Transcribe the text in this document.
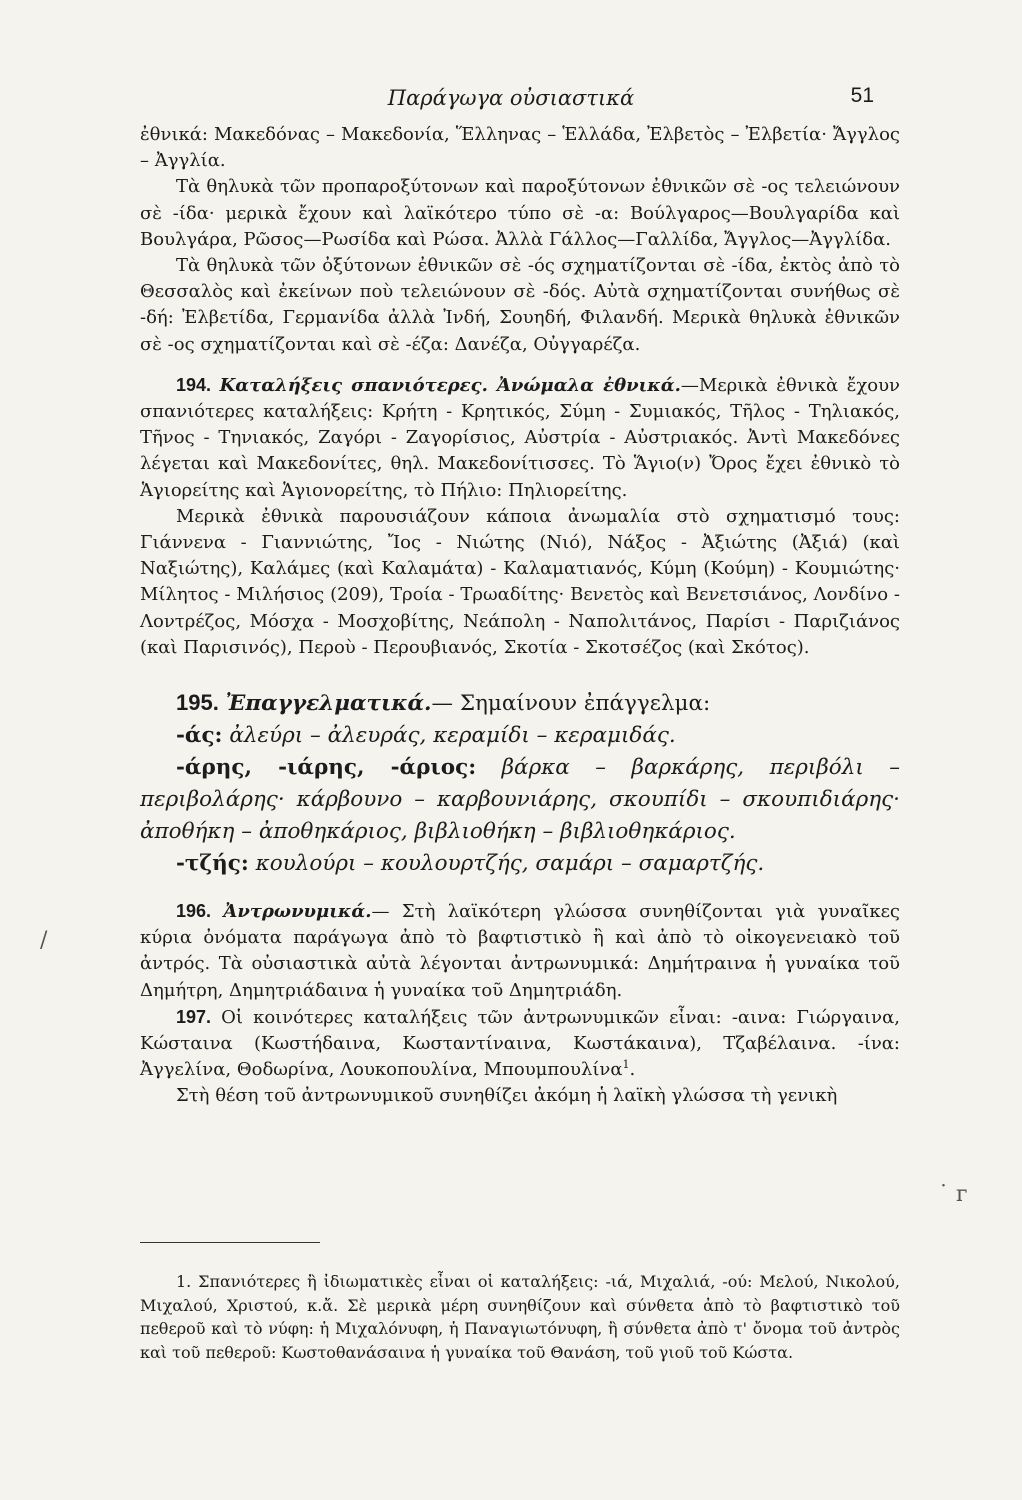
Παράγωγα οὐσιαστικά	51

ἐθνικά: Μακεδόνας – Μακεδονία, Ἕλληνας – Ἑλλάδα, Ἐλβετὸς – Ἐλβετία· Ἄγγλος – Ἀγγλία.

Τὰ θηλυκὰ τῶν προπαροξύτονων καὶ παροξύτονων ἐθνικῶν σὲ -ος τελειώνουν σὲ -ίδα· μερικὰ ἔχουν καὶ λαϊκότερο τύπο σὲ -α: Βούλγαρος—Βουλγαρίδα καὶ Βουλγάρα, Ρῶσος—Ρωσίδα καὶ Ρώσα. Ἀλλὰ Γάλλος—Γαλλίδα, Ἄγγλος—Ἀγγλίδα.

Τὰ θηλυκὰ τῶν ὀξύτονων ἐθνικῶν σὲ -ός σχηματίζονται σὲ -ίδα, ἐκτὸς ἀπὸ τὸ Θεσσαλὸς καὶ ἐκείνων ποὺ τελειώνουν σὲ -δός. Αὐτὰ σχηματίζονται συνήθως σὲ -δή: Ἐλβετίδα, Γερμανίδα ἀλλὰ Ἰνδή, Σουηδή, Φιλανδή. Μερικὰ θηλυκὰ ἐθνικῶν σὲ -ος σχηματίζονται καὶ σὲ -έζα: Δανέζα, Οὐγγαρέζα.

194. Καταλήξεις σπανιότερες. Ἀνώμαλα ἐθνικά.—Μερικὰ ἐθνικὰ ἔχουν σπανιότερες καταλήξεις: Κρήτη - Κρητικός, Σύμη - Συμιακός, Τῆλος - Τηλιακός, Τῆνος - Τηνιακός, Ζαγόρι - Ζαγορίσιος, Αὐστρία - Αὐστριακός. Ἀντὶ Μακεδόνες λέγεται καὶ Μακεδονίτες, θηλ. Μακεδονίτισσες. Τὸ Ἅγιο(ν) Ὄρος ἔχει ἐθνικὸ τὸ Ἁγιορείτης καὶ Ἁγιονορείτης, τὸ Πήλιο: Πηλιορείτης.

Μερικὰ ἐθνικὰ παρουσιάζουν κάποια ἀνωμαλία στὸ σχηματισμό τους: Γιάννενα - Γιαννιώτης, Ἴος - Νιώτης (Νιό), Νάξος - Ἀξιώτης (Ἀξιά) (καὶ Ναξιώτης), Καλάμες (καὶ Καλαμάτα) - Καλαματιανός, Κύμη (Κούμη) - Κουμιώτης· Μίλητος - Μιλήσιος (209), Τροία - Τρωαδίτης· Βενετὸς καὶ Βενετσιάνος, Λονδίνο - Λοντρέζος, Μόσχα - Μοσχοβίτης, Νεάπολη - Ναπολιτάνος, Παρίσι - Παριζιάνος (καὶ Παρισινός), Περοὺ - Περουβιανός, Σκοτία - Σκοτσέζος (καὶ Σκότος).

195. Ἐπαγγελματικά.— Σημαίνουν ἐπάγγελμα:

-άς: ἀλεύρι – ἀλευράς, κεραμίδι – κεραμιδάς.

-άρης, -ιάρης, -άριος: βάρκα – βαρκάρης, περιβόλι – περιβολάρης· κάρβουνο – καρβουνιάρης, σκουπίδι – σκουπιδιάρης· ἀποθήκη – ἀποθηκάριος, βιβλιοθήκη – βιβλιοθηκάριος.

-τζής: κουλούρι – κουλουρτζής, σαμάρι – σαμαρτζής.

196. Ἀντρωνυμικά.— Στὴ λαϊκότερη γλώσσα συνηθίζονται γιὰ γυναῖκες κύρια ὀνόματα παράγωγα ἀπὸ τὸ βαφτιστικὸ ἢ καὶ ἀπὸ τὸ οἰκογενειακὸ τοῦ ἀντρός. Τὰ οὐσιαστικὰ αὐτὰ λέγονται ἀντρωνυμικά: Δημήτραινα ἡ γυναίκα τοῦ Δημήτρη, Δημητριάδαινα ἡ γυναίκα τοῦ Δημητριάδη.

197. Οἱ κοινότερες καταλήξεις τῶν ἀντρωνυμικῶν εἶναι: -αινα: Γιώργαινα, Κώσταινα (Κωστήδαινα, Κωσταντίναινα, Κωστάκαινα), Τζαβέλαινα. -ίνα: Ἀγγελίνα, Θοδωρίνα, Λουκοπουλίνα, Μπουμπουλίνα$^1$.

Στὴ θέση τοῦ ἀντρωνυμικοῦ συνηθίζει ἀκόμη ἡ λαϊκὴ γλώσσα τὴ γενικὴ

1. Σπανιότερες ἢ ἰδιωματικὲς εἶναι οἱ καταλήξεις: -ιά, Μιχαλιά, -ού: Μελού, Νικολού, Μιχαλού, Χριστού, κ.ἄ. Σὲ μερικὰ μέρη συνηθίζουν καὶ σύνθετα ἀπὸ τὸ βαφτιστικὸ τοῦ πεθεροῦ καὶ τὸ νύφη: ἡ Μιχαλόνυφη, ἡ Παναγιωτόνυφη, ἢ σύνθετα ἀπὸ τ' ὄνομα τοῦ ἀντρὸς καὶ τοῦ πεθεροῦ: Κωστοθανάσαινα ἡ γυναίκα τοῦ Θανάση, τοῦ γιοῦ τοῦ Κώστα.

/
˙ ᴦ
